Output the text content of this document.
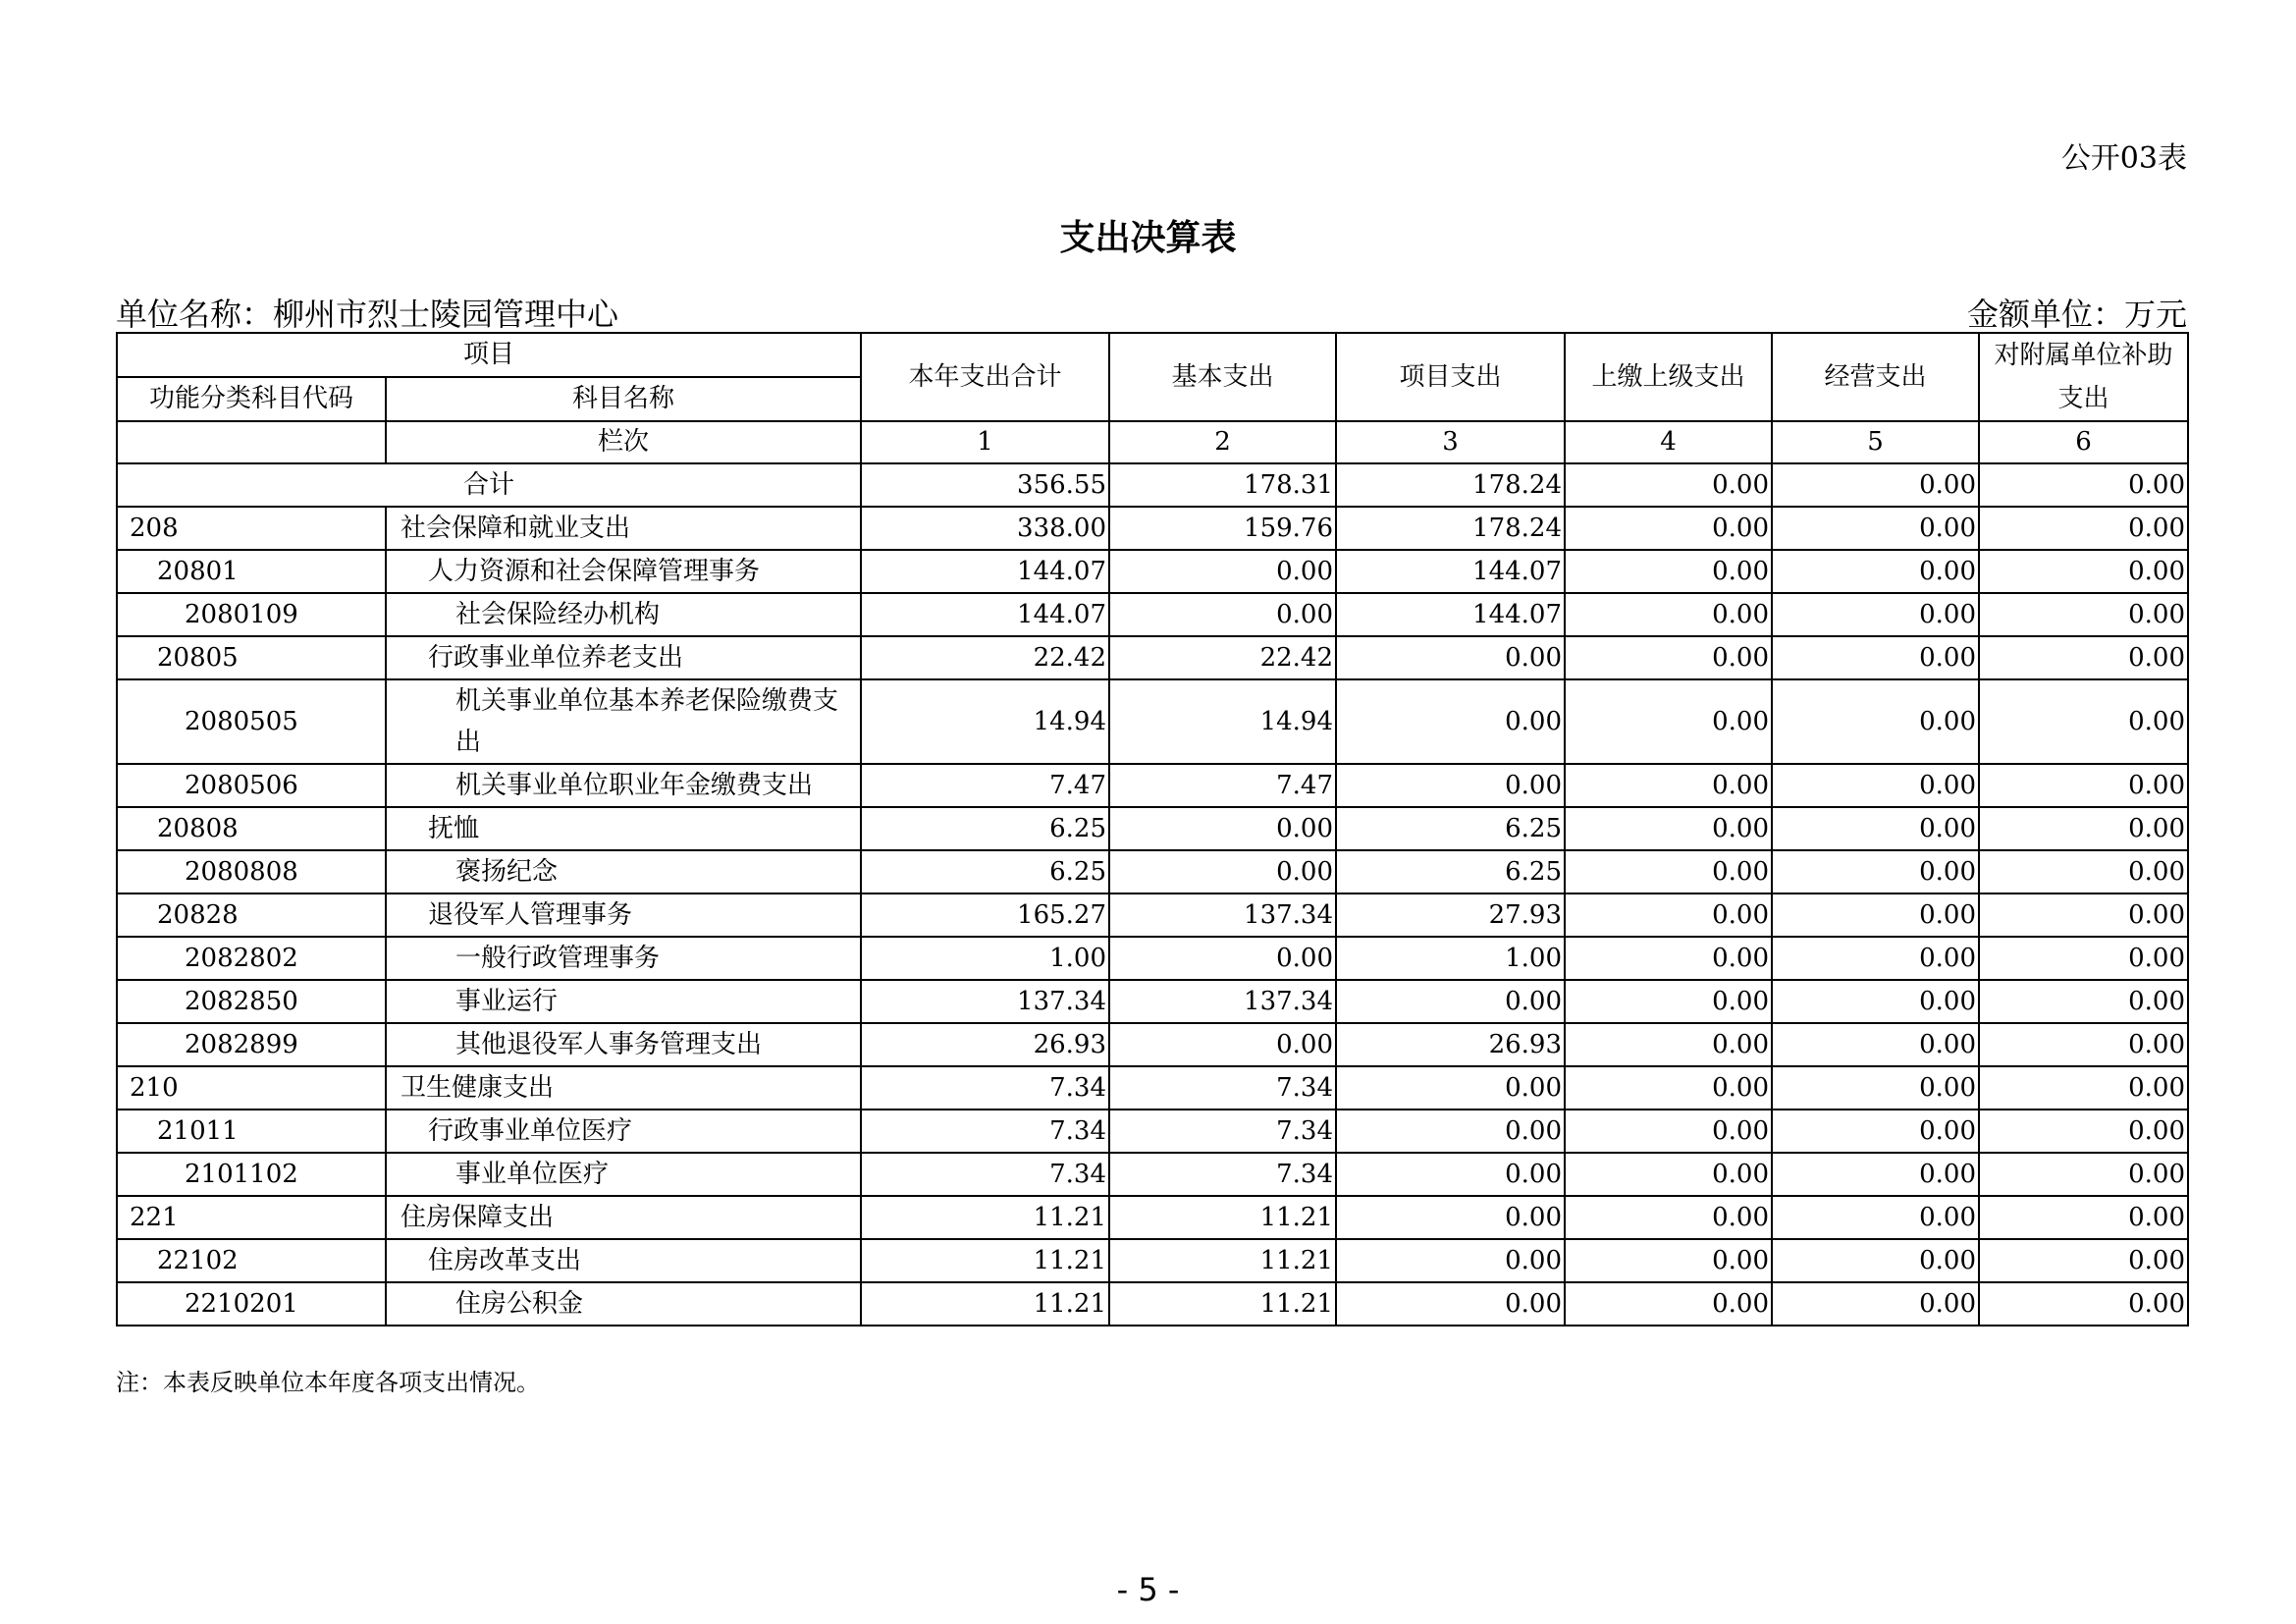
公开03表
支出决算表
单位名称：柳州市烈士陵园管理中心	金额单位：万元
项目		本年支出合计	基本支出	项目支出	上缴上级支出	经营支出	对附属单位补助支出
功能分类科目代码	科目名称						
	栏次	1	2	3	4	5	6
合计		356.55	178.31	178.24	0.00	0.00	0.00
208	社会保障和就业支出	338.00	159.76	178.24	0.00	0.00	0.00
20801	人力资源和社会保障管理事务	144.07	0.00	144.07	0.00	0.00	0.00
2080109	社会保险经办机构	144.07	0.00	144.07	0.00	0.00	0.00
20805	行政事业单位养老支出	22.42	22.42	0.00	0.00	0.00	0.00
2080505	机关事业单位基本养老保险缴费支出	14.94	14.94	0.00	0.00	0.00	0.00
2080506	机关事业单位职业年金缴费支出	7.47	7.47	0.00	0.00	0.00	0.00
20808	抚恤	6.25	0.00	6.25	0.00	0.00	0.00
2080808	褒扬纪念	6.25	0.00	6.25	0.00	0.00	0.00
20828	退役军人管理事务	165.27	137.34	27.93	0.00	0.00	0.00
2082802	一般行政管理事务	1.00	0.00	1.00	0.00	0.00	0.00
2082850	事业运行	137.34	137.34	0.00	0.00	0.00	0.00
2082899	其他退役军人事务管理支出	26.93	0.00	26.93	0.00	0.00	0.00
210	卫生健康支出	7.34	7.34	0.00	0.00	0.00	0.00
21011	行政事业单位医疗	7.34	7.34	0.00	0.00	0.00	0.00
2101102	事业单位医疗	7.34	7.34	0.00	0.00	0.00	0.00
221	住房保障支出	11.21	11.21	0.00	0.00	0.00	0.00
22102	住房改革支出	11.21	11.21	0.00	0.00	0.00	0.00
2210201	住房公积金	11.21	11.21	0.00	0.00	0.00	0.00
注：本表反映单位本年度各项支出情况。
- 5 -
